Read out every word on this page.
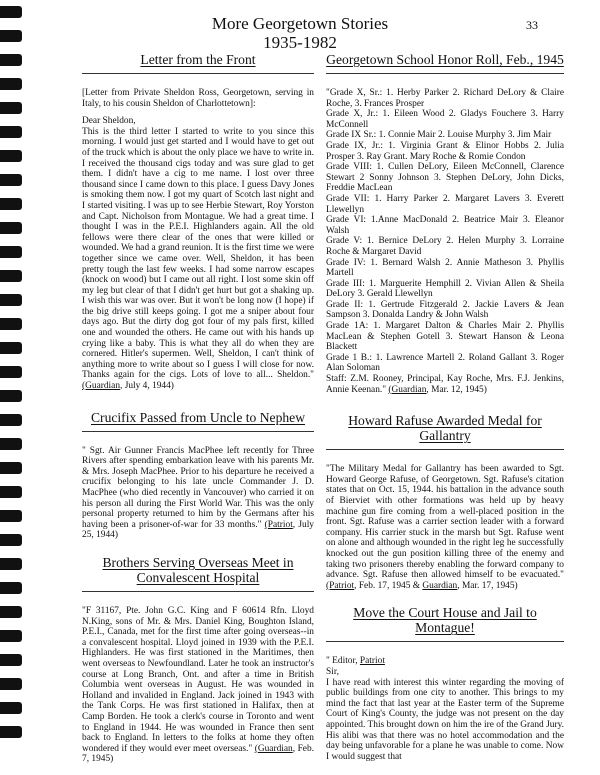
More Georgetown Stories
1935-1982
33
Letter from the Front

[Letter from Private Sheldon Ross, Georgetown, serving in Italy, to his cousin Sheldon of Charlottetown]:

Dear Sheldon,

This is the third letter I started to write to you since this morning. I would just get started and I would have to get out of the truck which is about the only place we have to write in. I received the thousand cigs today and was sure glad to get them. I didn't have a cig to me name. I lost over three thousand since I came down to this place. I guess Davy Jones is smoking them now. I got my quart of Scotch last night and I started visiting. I was up to see Herbie Stewart, Roy Yorston and Capt. Nicholson from Montague. We had a great time. I thought I was in the P.E.I. Highlanders again. All the old fellows were there clear of the ones that were killed or wounded. We had a grand reunion. It is the first time we were together since we came over. Well, Sheldon, it has been pretty tough the last few weeks. I had some narrow escapes (knock on wood) but I came out all right. I lost some skin off my leg but clear of that I didn't get hurt but got a shaking up. I wish this war was over. But it won't be long now (I hope) if the big drive still keeps going. I got me a sniper about four days ago. But the dirty dog got four of my pals first, killed one and wounded the others. He came out with his hands up crying like a baby. This is what they all do when they are cornered. Hitler's supermen. Well, Sheldon, I can't think of anything more to write about so I guess I will close for now. Thanks again for the cigs. Lots of love to all... Sheldon." (Guardian, July 4, 1944)

Crucifix Passed from Uncle to Nephew

" Sgt. Air Gunner Francis MacPhee left recently for Three Rivers after spending embarkation leave with his parents Mr. & Mrs. Joseph MacPhee. Prior to his departure he received a crucifix belonging to his late uncle Commander J. D. MacPhee (who died recently in Vancouver) who carried it on his person all during the First World War. This was the only personal property returned to him by the Germans after his having been a prisoner-of-war for 33 months." (Patriot, July 25, 1944)

Brothers Serving Overseas Meet in
Convalescent Hospital

"F 31167, Pte. John G.C. King and F 60614 Rfn. Lloyd N.King, sons of Mr. & Mrs. Daniel King, Boughton Island, P.E.I., Canada, met for the first time after going overseas--in a convalescent hospital. Lloyd joined in 1939 with the P.E.I. Highlanders. He was first stationed in the Maritimes, then went overseas to Newfoundland. Later he took an instructor's course at Long Branch, Ont. and after a time in British Columbia went overseas in August. He was wounded in Holland and invalided in England. Jack joined in 1943 with the Tank Corps. He was first stationed in Halifax, then at Camp Borden. He took a clerk's course in Toronto and went to England in 1944. He was wounded in France then sent back to England. In letters to the folks at home they often wondered if they would ever meet overseas." (Guardian, Feb. 7, 1945)

Georgetown School Honor Roll, Feb., 1945

"Grade X, Sr.: 1. Herby Parker 2. Richard DeLory & Claire Roche, 3. Frances Prosper

Grade X, Jr.: 1. Eileen Wood 2. Gladys Fouchere 3. Harry McConnell

Grade IX Sr.: 1. Connie Mair 2. Louise Murphy 3. Jim Mair

Grade IX, Jr.: 1. Virginia Grant & Elinor Hobbs 2. Julia Prosper 3. Ray Grant. Mary Roche & Romie Condon

Grade VIII: 1. Cullen DeLory, Eileen McConnell, Clarence Stewart 2 Sonny Johnson 3. Stephen DeLory, John Dicks, Freddie MacLean

Grade VII: 1. Harry Parker 2. Margaret Lavers 3. Everett Llewellyn

Grade VI: 1.Anne MacDonald 2. Beatrice Mair 3. Eleanor Walsh

Grade V: 1. Bernice DeLory 2. Helen Murphy 3. Lorraine Roche & Margaret David

Grade IV: 1. Bernard Walsh 2. Annie Matheson 3. Phyllis Martell

Grade III: 1. Marguerite Hemphill 2. Vivian Allen & Sheila DeLory 3. Gerald Llewellyn

Grade II: 1. Gertrude Fitzgerald 2. Jackie Lavers & Jean Sampson 3. Donalda Landry & John Walsh

Grade 1A: 1. Margaret Dalton & Charles Mair 2. Phyllis MacLean & Stephen Gotell 3. Stewart Hanson & Leona Blackett

Grade 1 B.: 1. Lawrence Martell 2. Roland Gallant 3. Roger Alan Soloman

Staff: Z.M. Rooney, Principal, Kay Roche, Mrs. F.J. Jenkins, Annie Keenan." (Guardian, Mar. 12, 1945)

Howard Rafuse Awarded Medal for
Gallantry

"The Military Medal for Gallantry has been awarded to Sgt. Howard George Rafuse, of Georgetown. Sgt. Rafuse's citation states that on Oct. 15, 1944. his battalion in the advance south of Bierviet with other formations was held up by heavy machine gun fire coming from a well-placed position in the front. Sgt. Rafuse was a carrier section leader with a forward company. His carrier stuck in the marsh but Sgt. Rafuse went on alone and although wounded in the right leg he successfully knocked out the gun position killing three of the enemy and taking two prisoners thereby enabling the forward company to advance. Sgt. Rafuse then allowed himself to be evacuated." (Patriot, Feb. 17, 1945 & Guardian, Mar. 17, 1945)

Move the Court House and Jail to
Montague!

" Editor, Patriot

Sir,

I have read with interest this winter regarding the moving of public buildings from one city to another. This brings to my mind the fact that last year at the Easter term of the Supreme Court of King's County, the judge was not present on the day appointed. This brought down on him the ire of the Grand Jury. His alibi was that there was no hotel accommodation and the day being unfavorable for a plane he was unable to come. Now I would suggest that
